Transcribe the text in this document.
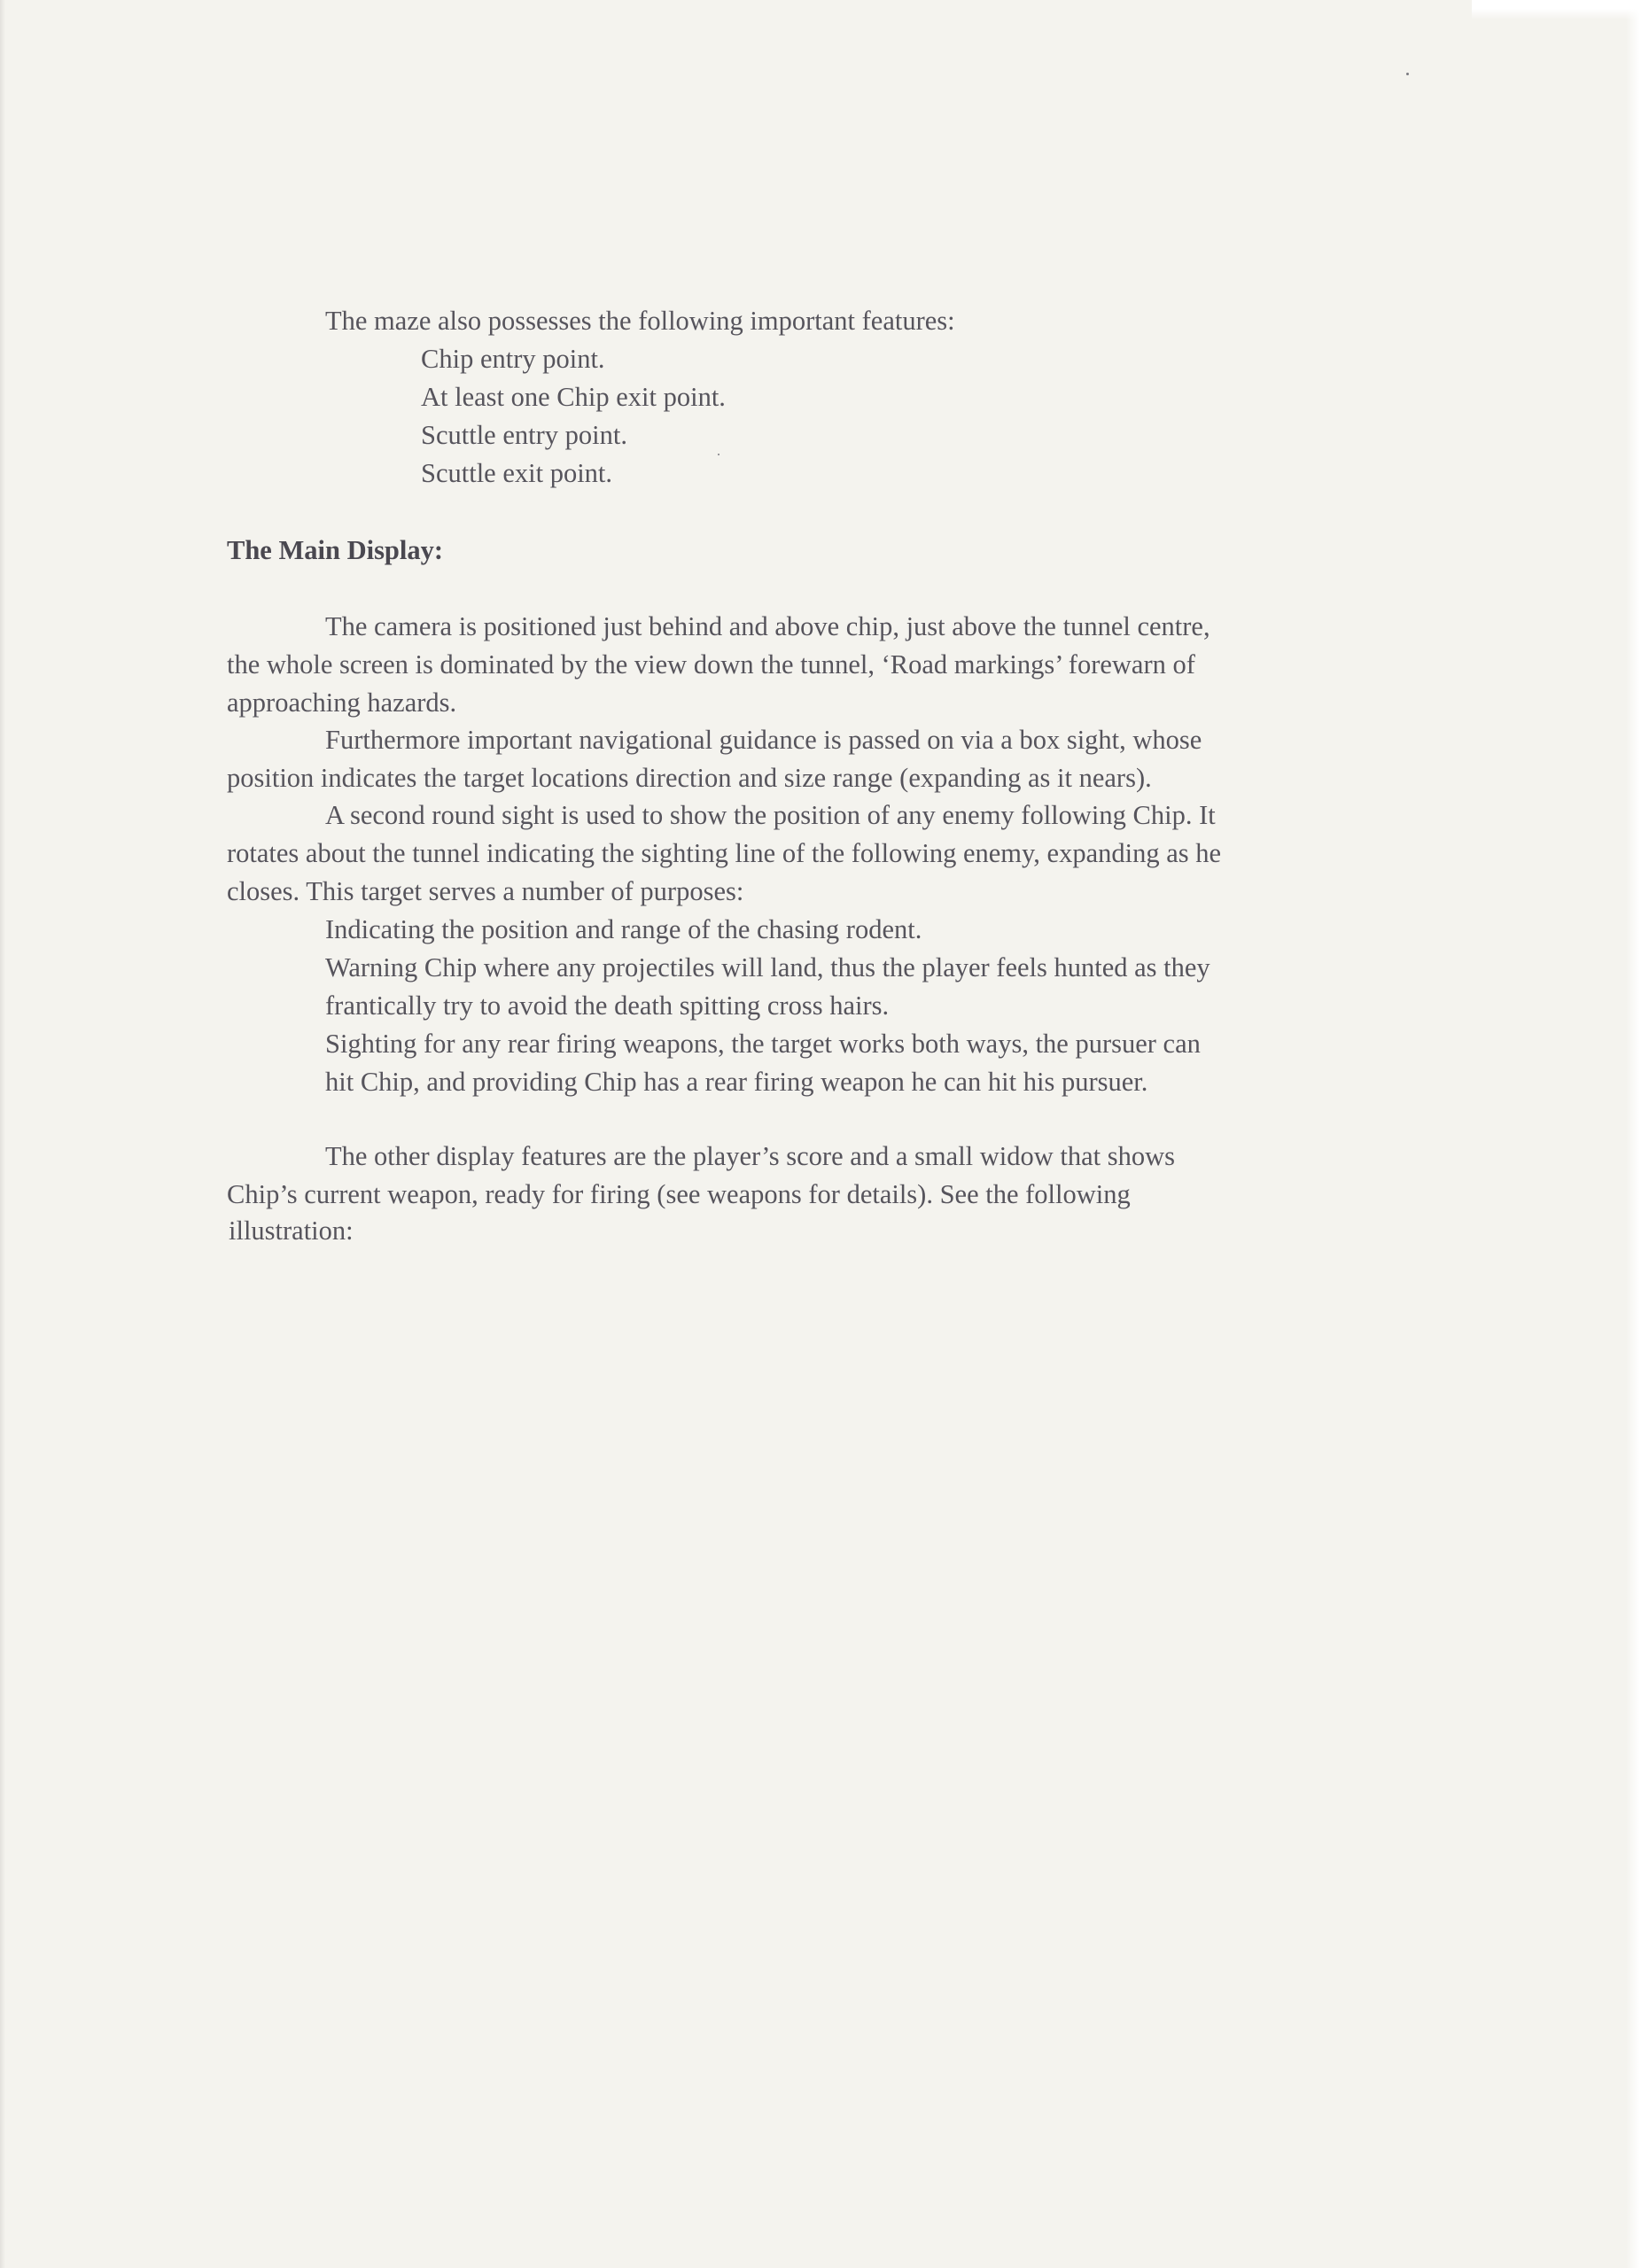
The maze also possesses the following important features:

Chip entry point.

At least one Chip exit point.

Scuttle entry point.

Scuttle exit point.

The Main Display:

The camera is positioned just behind and above chip, just above the tunnel centre,

the whole screen is dominated by the view down the tunnel, ‘Road markings’ forewarn of

approaching hazards.

Furthermore important navigational guidance is passed on via a box sight, whose

position indicates the target locations direction and size range (expanding as it nears).

A second round sight is used to show the position of any enemy following Chip. It

rotates about the tunnel indicating the sighting line of the following enemy, expanding as he

closes. This target serves a number of purposes:

Indicating the position and range of the chasing rodent.

Warning Chip where any projectiles will land, thus the player feels hunted as they

frantically try to avoid the death spitting cross hairs.

Sighting for any rear firing weapons, the target works both ways, the pursuer can

hit Chip, and providing Chip has a rear firing weapon he can hit his pursuer.

The other display features are the player’s score and a small widow that shows

Chip’s current weapon, ready for firing (see weapons for details). See the following

illustration:
